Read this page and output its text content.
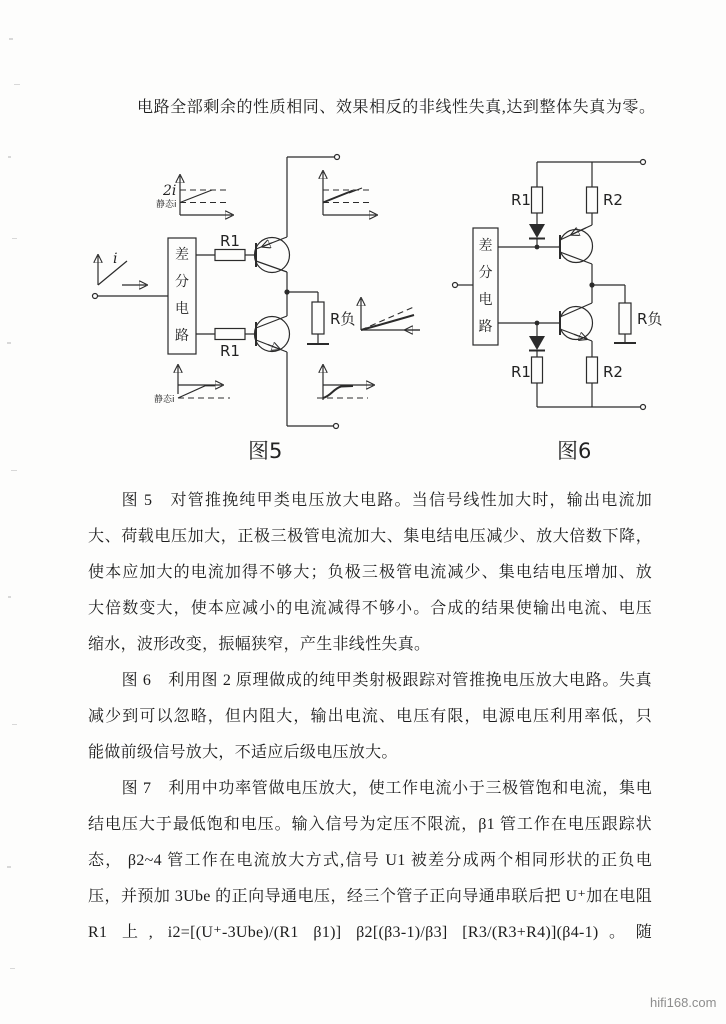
电路全部剩余的性质相同、效果相反的非线性失真,达到整体失真为零。
i	差
分
电
路
R1
R1
R负
2i
静态i
静态i
图5
差
分
电
路
R1	R2
R1	R2
R负
图6
图 5　对管推挽纯甲类电压放大电路。当信号线性加大时，输出电流加
大、荷载电压加大，正极三极管电流加大、集电结电压减少、放大倍数下降，
使本应加大的电流加得不够大；负极三极管电流减少、集电结电压增加、放
大倍数变大，使本应减小的电流减得不够小。合成的结果使输出电流、电压
缩水，波形改变，振幅狭窄，产生非线性失真。
图 6　利用图 2 原理做成的纯甲类射极跟踪对管推挽电压放大电路。失真
减少到可以忽略，但内阻大，输出电流、电压有限，电源电压利用率低，只
能做前级信号放大，不适应后级电压放大。
图 7　利用中功率管做电压放大，使工作电流小于三极管饱和电流，集电
结电压大于最低饱和电压。输入信号为定压不限流，β1 管工作在电压跟踪状
态， β2~4 管工作在电流放大方式,信号 U1 被差分成两个相同形状的正负电
压，并预加 3Ube 的正向导通电压，经三个管子正向导通串联后把 U⁺加在电阻
R1 上, i2=[(U⁺-3Ube)/(R1 β1)] β2[(β3-1)/β3] [R3/(R3+R4)](β4-1)。随
hifi168.com
